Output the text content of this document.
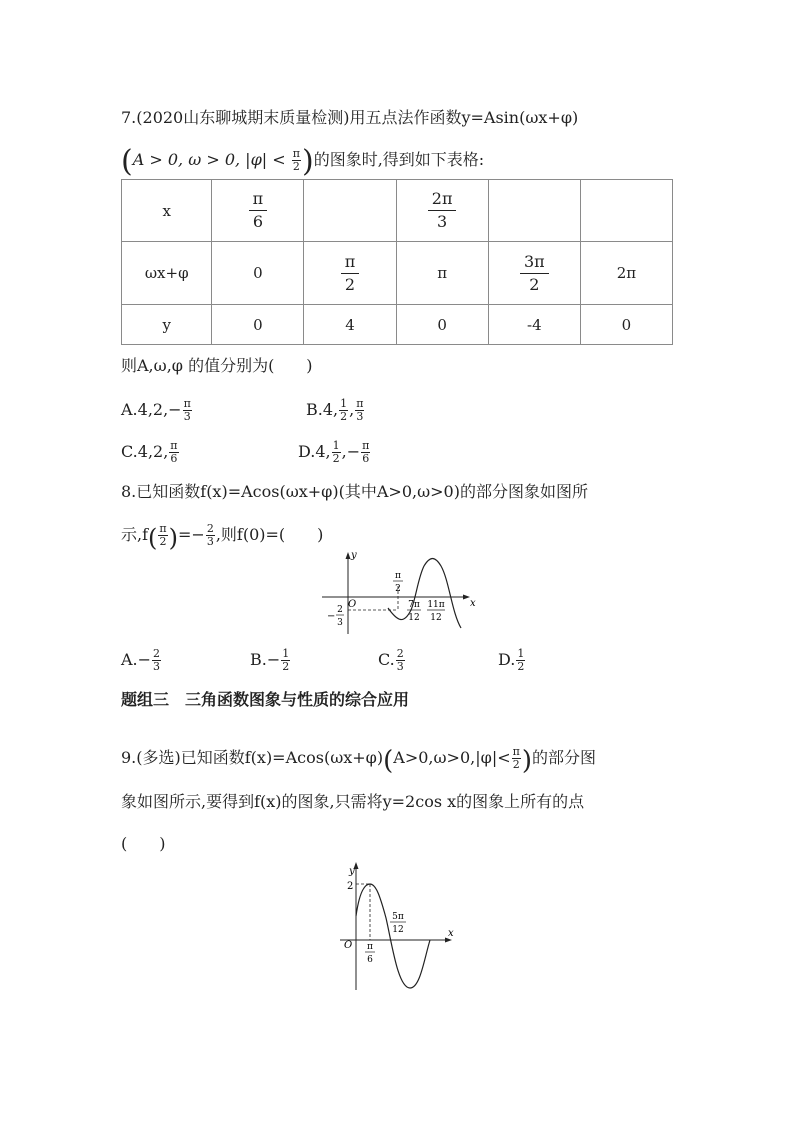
7.(2020山东聊城期末质量检测)用五点法作函数y=Asin(ωx+φ)
(A > 0, ω > 0, $|\varphi| < \frac{\pi}{2}$ )的图象时,得到如下表格:
x	$\frac{\pi}{6}$		$\frac{2\pi}{3}$

ωx+φ	0	$\frac{\pi}{2}$	π	$\frac{3\pi}{2}$	2π
y	0	4	0	-4	0
则A,ω,φ 的值分别为(　　)
$A.4,2,- \frac{\pi}{3}$	B.4, $\frac{1}{2}$ , $\frac{\pi}{3}$
C.4,2, $\frac{\pi}{6}$	D.4, $\frac{1}{2}$ ,− $\frac{\pi}{6}$
8.已知函数f(x)=Acos(ωx+φ)(其中A>0,ω>0)的部分图象如图所
示$,f( \frac{\pi}{2}$ )=− $\frac{2}{3}$ ,则f(0)=(　　)
y
x
O
π
2
−
2
3
7π
12
11π
12
$A.- \frac{2}{3}$	$B.- \frac{1}{2}$	C. $\frac{2}{3}$	D. $\frac{1}{2}$
题组三　三角函数图象与性质的综合应用
9.(多选)已知函数$f(x)=Acos(\omega x+\varphi)(A>0,\omega>0,|\varphi|< \frac{\pi}{2}$ )的部分图
象如图所示,要得到f(x)的图象,只需将y=2cos x的图象上所有的点
(　　)
y
x
O
2
π
6
5π
12
